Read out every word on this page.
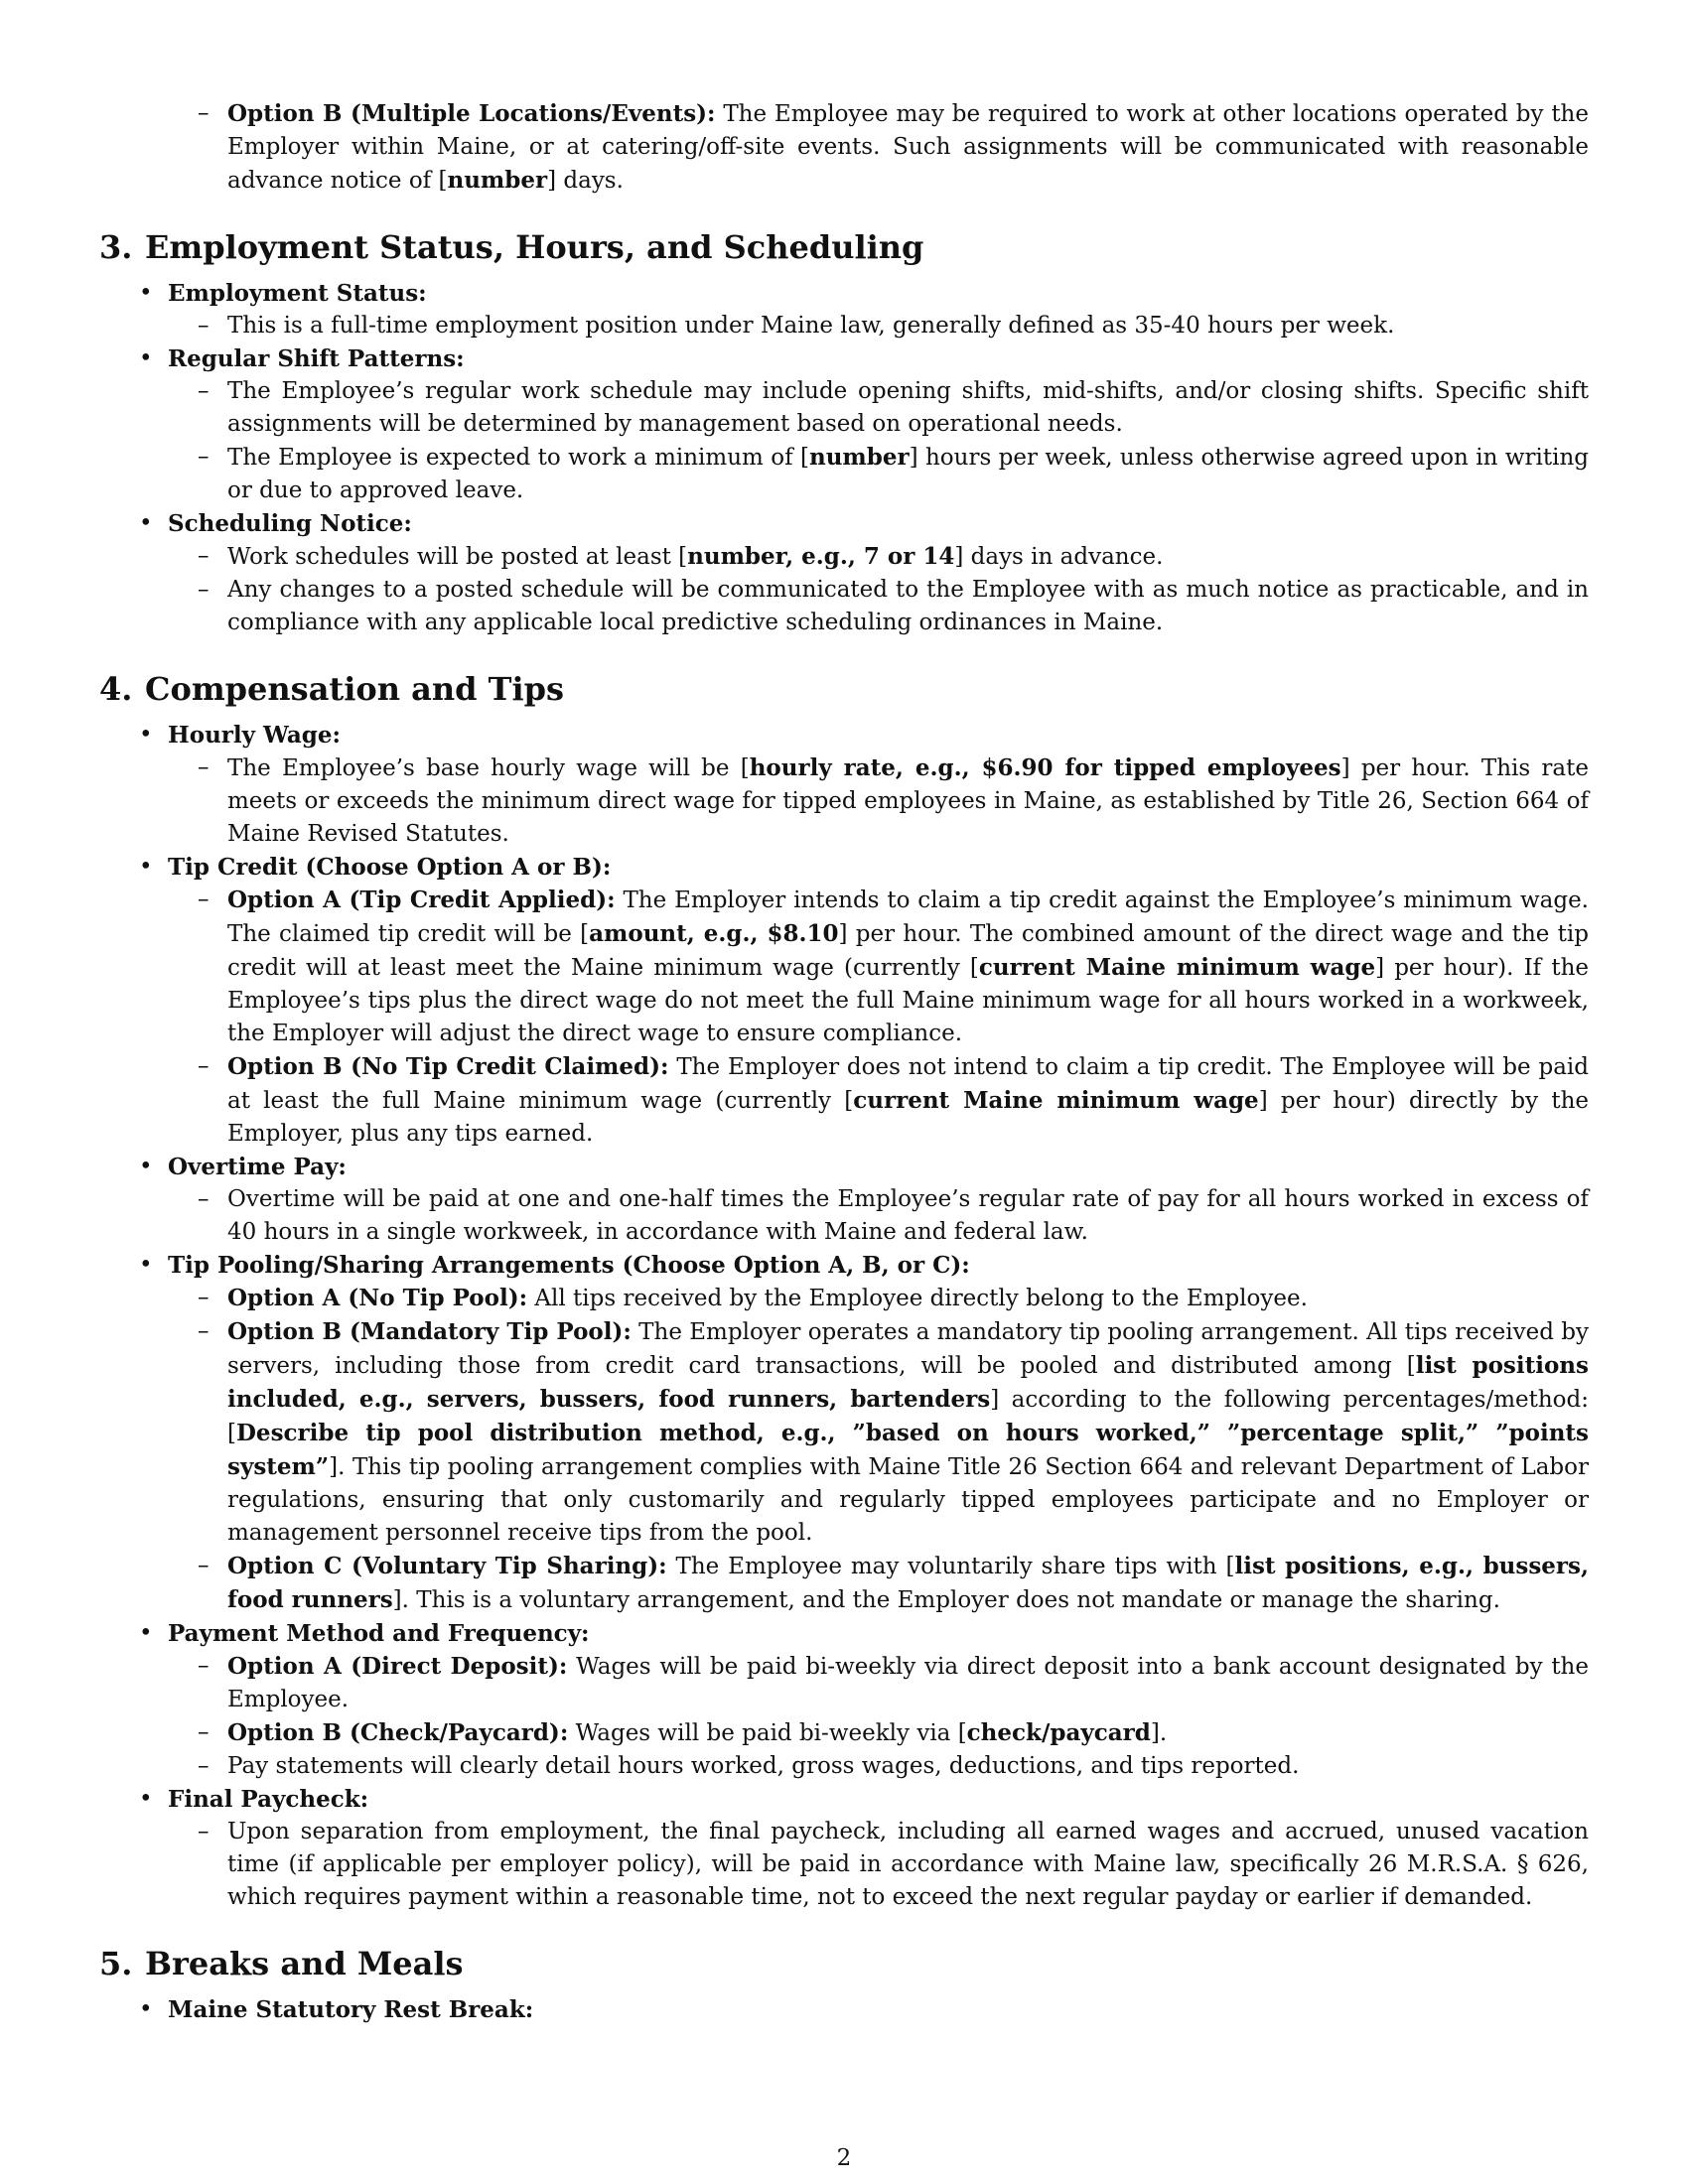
– Option B (Multiple Locations/Events): The Employee may be required to work at other locations operated by the Employer within Maine, or at catering/off-site events. Such assignments will be communicated with reasonable advance notice of [number] days.
3. Employment Status, Hours, and Scheduling
• Employment Status:
– This is a full-time employment position under Maine law, generally defined as 35-40 hours per week.
• Regular Shift Patterns:
– The Employee’s regular work schedule may include opening shifts, mid-shifts, and/or closing shifts. Specific shift assignments will be determined by management based on operational needs.
– The Employee is expected to work a minimum of [number] hours per week, unless otherwise agreed upon in writing or due to approved leave.
• Scheduling Notice:
– Work schedules will be posted at least [number, e.g., 7 or 14] days in advance.
– Any changes to a posted schedule will be communicated to the Employee with as much notice as practicable, and in compliance with any applicable local predictive scheduling ordinances in Maine.
4. Compensation and Tips
• Hourly Wage:
– The Employee’s base hourly wage will be [hourly rate, e.g., $6.90 for tipped employees] per hour. This rate meets or exceeds the minimum direct wage for tipped employees in Maine, as established by Title 26, Section 664 of Maine Revised Statutes.
• Tip Credit (Choose Option A or B):
– Option A (Tip Credit Applied): The Employer intends to claim a tip credit against the Employee’s minimum wage. The claimed tip credit will be [amount, e.g., $8.10] per hour. The combined amount of the direct wage and the tip credit will at least meet the Maine minimum wage (currently [current Maine minimum wage] per hour). If the Employee’s tips plus the direct wage do not meet the full Maine minimum wage for all hours worked in a workweek, the Employer will adjust the direct wage to ensure compliance.
– Option B (No Tip Credit Claimed): The Employer does not intend to claim a tip credit. The Employee will be paid at least the full Maine minimum wage (currently [current Maine minimum wage] per hour) directly by the Employer, plus any tips earned.
• Overtime Pay:
– Overtime will be paid at one and one-half times the Employee’s regular rate of pay for all hours worked in excess of 40 hours in a single workweek, in accordance with Maine and federal law.
• Tip Pooling/Sharing Arrangements (Choose Option A, B, or C):
– Option A (No Tip Pool): All tips received by the Employee directly belong to the Employee.
– Option B (Mandatory Tip Pool): The Employer operates a mandatory tip pooling arrangement. All tips received by servers, including those from credit card transactions, will be pooled and distributed among [list positions included, e.g., servers, bussers, food runners, bartenders] according to the following percentages/method: [Describe tip pool distribution method, e.g., ”based on hours worked,” ”percentage split,” ”points system”]. This tip pooling arrangement complies with Maine Title 26 Section 664 and relevant Department of Labor regulations, ensuring that only customarily and regularly tipped employees participate and no Employer or management personnel receive tips from the pool.
– Option C (Voluntary Tip Sharing): The Employee may voluntarily share tips with [list positions, e.g., bussers, food runners]. This is a voluntary arrangement, and the Employer does not mandate or manage the sharing.
• Payment Method and Frequency:
– Option A (Direct Deposit): Wages will be paid bi-weekly via direct deposit into a bank account designated by the Employee.
– Option B (Check/Paycard): Wages will be paid bi-weekly via [check/paycard].
– Pay statements will clearly detail hours worked, gross wages, deductions, and tips reported.
• Final Paycheck:
– Upon separation from employment, the final paycheck, including all earned wages and accrued, unused vacation time (if applicable per employer policy), will be paid in accordance with Maine law, specifically 26 M.R.S.A. § 626, which requires payment within a reasonable time, not to exceed the next regular payday or earlier if demanded.
5. Breaks and Meals
• Maine Statutory Rest Break:
2
